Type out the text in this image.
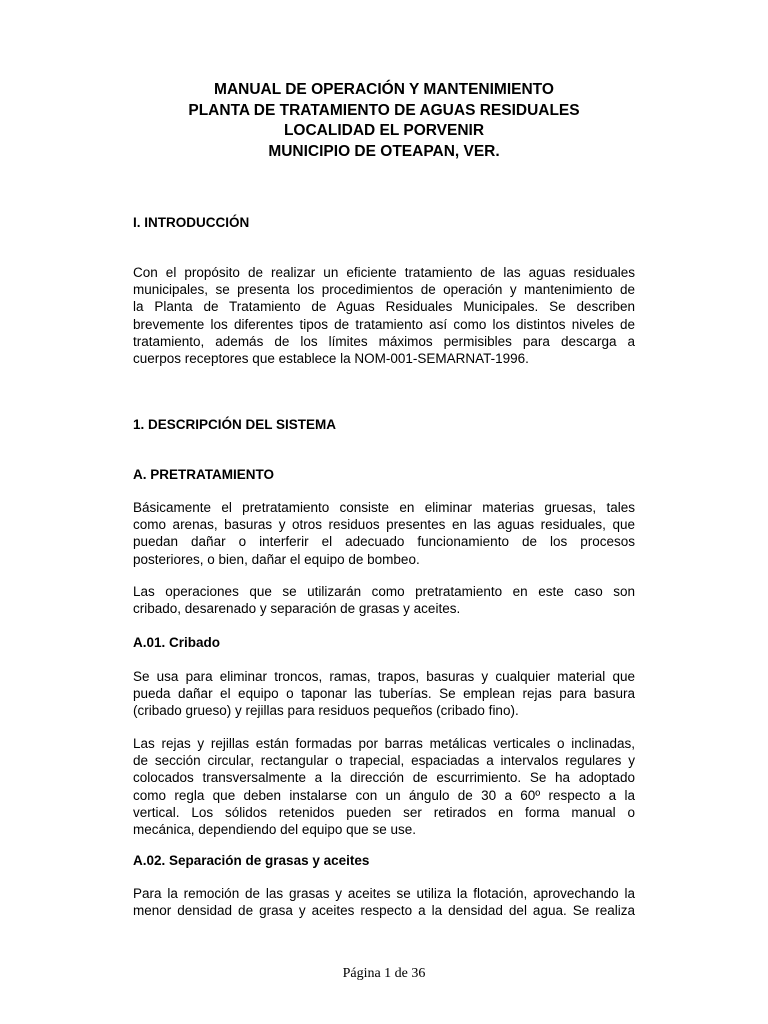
MANUAL DE OPERACIÓN Y MANTENIMIENTO
PLANTA DE TRATAMIENTO DE AGUAS RESIDUALES
LOCALIDAD EL PORVENIR
MUNICIPIO DE OTEAPAN, VER.
I. INTRODUCCIÓN
Con el propósito de realizar un eficiente tratamiento de las aguas residuales
municipales, se presenta los procedimientos de operación y mantenimiento de
la Planta de Tratamiento de Aguas Residuales Municipales. Se describen
brevemente los diferentes tipos de tratamiento así como los distintos niveles de
tratamiento, además de los límites máximos permisibles para descarga a
cuerpos receptores que establece la NOM-001-SEMARNAT-1996.
1. DESCRIPCIÓN DEL SISTEMA
A. PRETRATAMIENTO
Básicamente el pretratamiento consiste en eliminar materias gruesas, tales
como arenas, basuras y otros residuos presentes en las aguas residuales, que
puedan dañar o interferir el adecuado funcionamiento de los procesos
posteriores, o bien, dañar el equipo de bombeo.
Las operaciones que se utilizarán como pretratamiento en este caso son
cribado, desarenado y separación de grasas y aceites.
A.01. Cribado
Se usa para eliminar troncos, ramas, trapos, basuras y cualquier material que
pueda dañar el equipo o taponar las tuberías. Se emplean rejas para basura
(cribado grueso) y rejillas para residuos pequeños (cribado fino).
Las rejas y rejillas están formadas por barras metálicas verticales o inclinadas,
de sección circular, rectangular o trapecial, espaciadas a intervalos regulares y
colocados transversalmente a la dirección de escurrimiento. Se ha adoptado
como regla que deben instalarse con un ángulo de 30 a 60º respecto a la
vertical. Los sólidos retenidos pueden ser retirados en forma manual o
mecánica, dependiendo del equipo que se use.
A.02. Separación de grasas y aceites
Para la remoción de las grasas y aceites se utiliza la flotación, aprovechando la
menor densidad de grasa y aceites respecto a la densidad del agua. Se realiza
Página 1 de 36
